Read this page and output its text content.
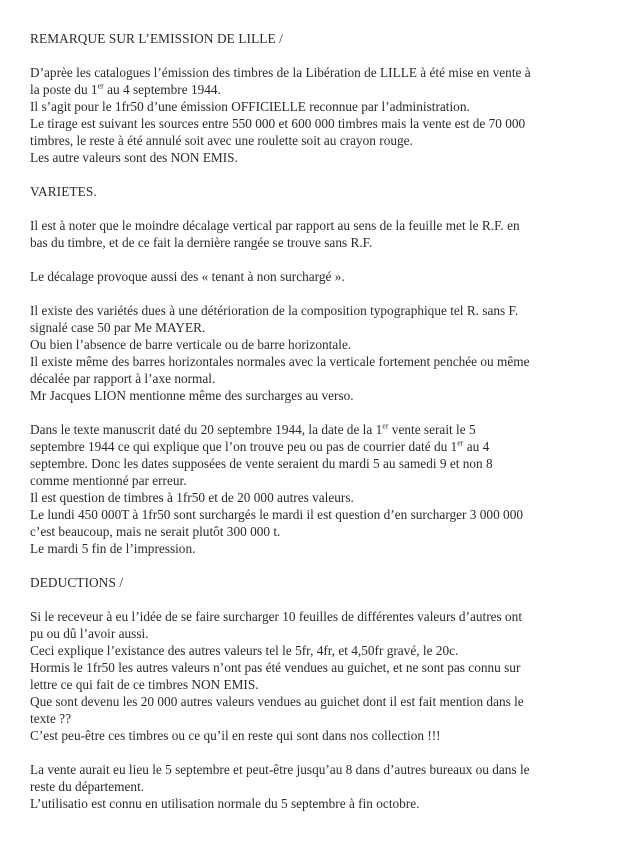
REMARQUE SUR L’EMISSION DE LILLE /
D’aprèe les catalogues l’émission des timbres de la Libération de LILLE à été mise en vente à
la poste du 1er au 4 septembre 1944.
Il s’agit pour le 1fr50 d’une émission OFFICIELLE reconnue par l’administration.
Le tirage est suivant les sources entre 550 000 et 600 000 timbres mais la vente est de 70 000
timbres, le reste à été annulé soit avec une roulette soit au crayon rouge.
Les autre valeurs sont des NON EMIS.
VARIETES.
Il est à noter que le moindre décalage vertical par rapport au sens de la feuille met le R.F. en
bas du timbre, et de ce fait la dernière rangée se trouve sans R.F.
Le décalage provoque aussi des « tenant à non surchargé ».
Il existe des variétés dues à une détérioration de la composition typographique tel R. sans F.
signalé case 50 par Me MAYER.
Ou bien l’absence de barre verticale ou de barre horizontale.
Il existe même des barres horizontales normales avec la verticale fortement penchée ou même
décalée par rapport à l’axe normal.
Mr Jacques LION mentionne même des surcharges au verso.
Dans le texte manuscrit daté du 20 septembre 1944, la date de la 1er vente serait le 5
septembre 1944 ce qui explique que l’on trouve peu ou pas de courrier daté du 1er au 4
septembre. Donc les dates supposées de vente seraient du mardi 5 au samedi 9 et non 8
comme mentionné par erreur.
Il est question de timbres à 1fr50 et de 20 000 autres valeurs.
Le lundi 450 000T à 1fr50 sont surchargés le mardi il est question d’en surcharger 3 000 000
c’est beaucoup, mais ne serait plutôt 300 000 t.
Le mardi 5 fin de l’impression.
DEDUCTIONS /
Si le receveur à eu l’idée de se faire surcharger 10 feuilles de différentes valeurs d’autres ont
pu ou dû l’avoir aussi.
Ceci explique l’existance des autres valeurs tel le 5fr, 4fr, et 4,50fr gravé, le 20c.
Hormis le 1fr50 les autres valeurs n’ont pas été vendues au guichet, et ne sont pas connu sur
lettre ce qui fait de ce timbres NON EMIS.
Que sont devenu les 20 000 autres valeurs vendues au guichet dont il est fait mention dans le
texte ??
C’est peu-être ces timbres ou ce qu’il en reste qui sont dans nos collection !!!
La vente aurait eu lieu le 5 septembre et peut-être jusqu’au 8 dans d’autres bureaux ou dans le
reste du département.
L’utilisatio est connu en utilisation normale du 5 septembre à fin octobre.
